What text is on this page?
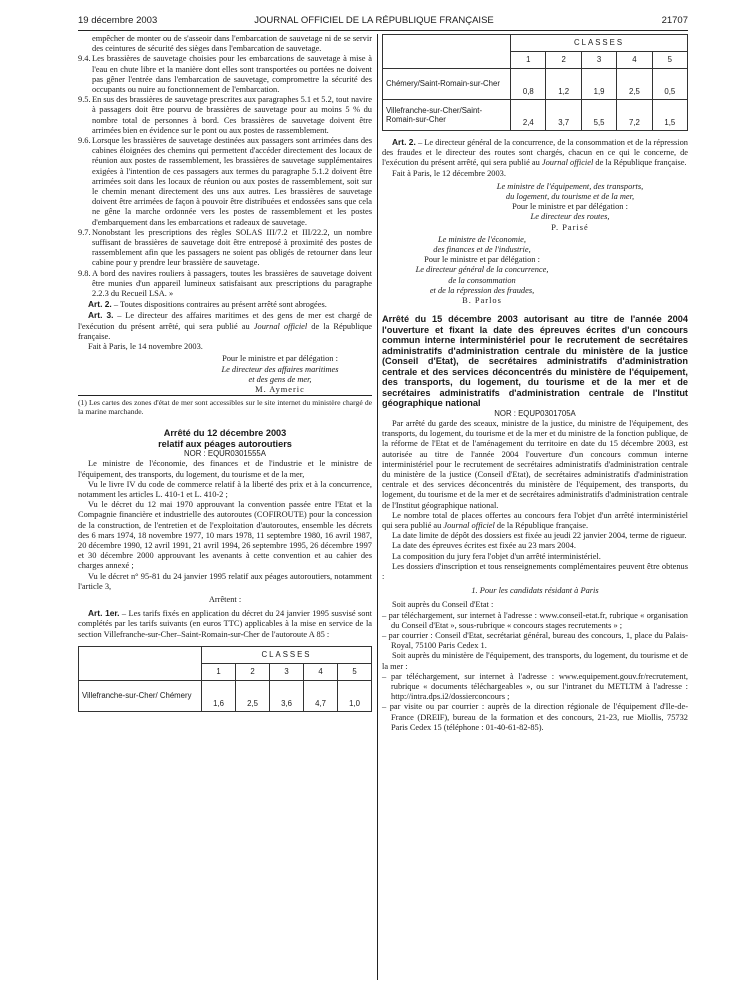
19 décembre 2003	JOURNAL OFFICIEL DE LA RÉPUBLIQUE FRANÇAISE	21707

empêcher de monter ou de s'asseoir dans l'embarcation de sauvetage ni de se servir des ceintures de sécurité des sièges dans l'embarcation de sauvetage.

9.4. Les brassières de sauvetage choisies pour les embarcations de sauvetage à mise à l'eau en chute libre et la manière dont elles sont transportées ou portées ne doivent pas gêner l'entrée dans l'embarcation de sauvetage, compromettre la sécurité des occupants ou nuire au fonctionnement de l'embarcation.
9.5. En sus des brassières de sauvetage prescrites aux paragraphes 5.1 et 5.2, tout navire à passagers doit être pourvu de brassières de sauvetage pour au moins 5 % du nombre total de personnes à bord. Ces brassières de sauvetage doivent être arrimées bien en évidence sur le pont ou aux postes de rassemblement.
9.6. Lorsque les brassières de sauvetage destinées aux passagers sont arrimées dans des cabines éloignées des chemins qui permettent d'accéder directement des locaux de réunion aux postes de rassemblement, les brassières de sauvetage supplémentaires exigées à l'intention de ces passagers aux termes du paragraphe 5.1.2 doivent être arrimées soit dans les locaux de réunion ou aux postes de rassemblement, soit sur le chemin menant directement des uns aux autres. Les brassières de sauvetage doivent être arrimées de façon à pouvoir être distribuées et endossées sans que cela ne gêne la marche ordonnée vers les postes de rassemblement et les postes d'embarquement dans les embarcations et radeaux de sauvetage.
9.7. Nonobstant les prescriptions des règles SOLAS III/7.2 et III/22.2, un nombre suffisant de brassières de sauvetage doit être entreposé à proximité des postes de rassemblement afin que les passagers ne soient pas obligés de retourner dans leur cabine pour y prendre leur brassière de sauvetage.
9.8. A bord des navires rouliers à passagers, toutes les brassières de sauvetage doivent être munies d'un appareil lumineux satisfaisant aux prescriptions du paragraphe 2.2.3 du Recueil LSA. »

Art. 2. – Toutes dispositions contraires au présent arrêté sont abrogées.

Art. 3. – Le directeur des affaires maritimes et des gens de mer est chargé de l'exécution du présent arrêté, qui sera publié au Journal officiel de la République française.

Fait à Paris, le 14 novembre 2003.

Pour le ministre et par délégation :

Le directeur des affaires maritimes

et des gens de mer,

M. Aymeric

(1) Les cartes des zones d'état de mer sont accessibles sur le site internet du ministère chargé de la marine marchande.

Arrêté du 12 décembre 2003

relatif aux péages autoroutiers

NOR : EQUR0301555A

Le ministre de l'économie, des finances et de l'industrie et le ministre de l'équipement, des transports, du logement, du tourisme et de la mer,

Vu le livre IV du code de commerce relatif à la liberté des prix et à la concurrence, notamment les articles L. 410-1 et L. 410-2 ;

Vu le décret du 12 mai 1970 approuvant la convention passée entre l'Etat et la Compagnie financière et industrielle des autoroutes (COFIROUTE) pour la concession de la construction, de l'entretien et de l'exploitation d'autoroutes, ensemble les décrets des 6 mars 1974, 18 novembre 1977, 10 mars 1978, 11 septembre 1980, 16 avril 1987, 20 décembre 1990, 12 avril 1991, 21 avril 1994, 26 septembre 1995, 26 décembre 1997 et 30 décembre 2000 approuvant les avenants à cette convention et au cahier des charges annexé ;

Vu le décret n° 95-81 du 24 janvier 1995 relatif aux péages autoroutiers, notamment l'article 3,

Arrêtent :

Art. 1er. – Les tarifs fixés en application du décret du 24 janvier 1995 susvisé sont complétés par les tarifs suivants (en euros TTC) applicables à la mise en service de la section Villefranche-sur-Cher–Saint-Romain-sur-Cher de l'autoroute A 85 :

	CLASSES				
	1	2	3	4	5
Villefranche-sur-Cher/ Chémery	1,6	2,5	3,6	4,7	1,0
	CLASSES				
	1	2	3	4	5
Chémery/Saint-Romain-sur-Cher	0,8	1,2	1,9	2,5	0,5
Villefranche-sur-Cher/Saint-Romain-sur-Cher	2,4	3,7	5,5	7,2	1,5

Art. 2. – Le directeur général de la concurrence, de la consommation et de la répression des fraudes et le directeur des routes sont chargés, chacun en ce qui le concerne, de l'exécution du présent arrêté, qui sera publié au Journal officiel de la République française.

Fait à Paris, le 12 décembre 2003.

Le ministre de l'équipement, des transports,

du logement, du tourisme et de la mer,

Pour le ministre et par délégation :

Le directeur des routes,

P. Parisé

Le ministre de l'économie,

des finances et de l'industrie,

Pour le ministre et par délégation :

Le directeur général de la concurrence,

de la consommation

et de la répression des fraudes,

B. Parlos

Arrêté du 15 décembre 2003 autorisant au titre de l'année 2004 l'ouverture et fixant la date des épreuves écrites d'un concours commun interne interministériel pour le recrutement de secrétaires administratifs d'administration centrale du ministère de la justice (Conseil d'Etat), de secrétaires administratifs d'administration centrale et des services déconcentrés du ministère de l'équipement, des transports, du logement, du tourisme et de la mer et de secrétaires administratifs d'administration centrale de l'Institut géographique national

NOR : EQUP0301705A

Par arrêté du garde des sceaux, ministre de la justice, du ministre de l'équipement, des transports, du logement, du tourisme et de la mer et du ministre de la fonction publique, de la réforme de l'Etat et de l'aménagement du territoire en date du 15 décembre 2003, est autorisée au titre de l'année 2004 l'ouverture d'un concours commun interne interministériel pour le recrutement de secrétaires administratifs d'administration centrale du ministère de la justice (Conseil d'Etat), de secrétaires administratifs d'administration centrale et des services déconcentrés du ministère de l'équipement, des transports, du logement, du tourisme et de la mer et de secrétaires administratifs d'administration centrale de l'Institut géographique national.

Le nombre total de places offertes au concours fera l'objet d'un arrêté interministériel qui sera publié au Journal officiel de la République française.

La date limite de dépôt des dossiers est fixée au jeudi 22 janvier 2004, terme de rigueur.

La date des épreuves écrites est fixée au 23 mars 2004.

La composition du jury fera l'objet d'un arrêté interministériel.

Les dossiers d'inscription et tous renseignements complémentaires peuvent être obtenus :

1. Pour les candidats résidant à Paris

Soit auprès du Conseil d'Etat :

– par téléchargement, sur internet à l'adresse : www.conseil-etat.fr, rubrique « organisation du Conseil d'Etat », sous-rubrique « concours stages recrutements » ;

– par courrier : Conseil d'Etat, secrétariat général, bureau des concours, 1, place du Palais-Royal, 75100 Paris Cedex 1.

Soit auprès du ministère de l'équipement, des transports, du logement, du tourisme et de la mer :

– par téléchargement, sur internet à l'adresse : www.equipement.gouv.fr/recrutement, rubrique « documents téléchargeables », ou sur l'intranet du METLTM à l'adresse : http://intra.dps.i2/dossierconcours ;

– par visite ou par courrier : auprès de la direction régionale de l'équipement d'Ile-de-France (DREIF), bureau de la formation et des concours, 21-23, rue Miollis, 75732 Paris Cedex 15 (téléphone : 01-40-61-82-85).
